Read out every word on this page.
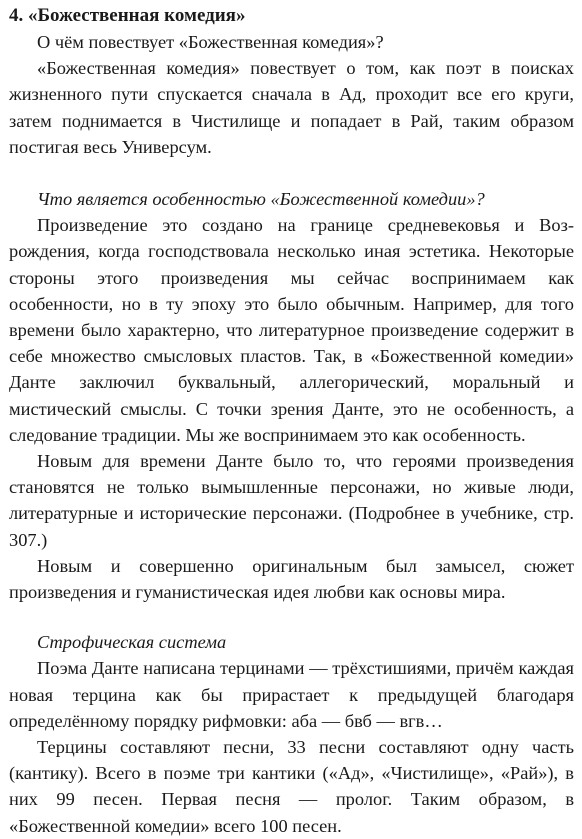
4. «Божественная комедия»

О чём повествует «Божественная комедия»?

«Божественная комедия» повествует о том, как поэт в поисках жизненного пути спускается сначала в Ад, проходит все его круги, затем поднимается в Чистилище и попадает в Рай, таким образом постигая весь Универсум.

Что является особенностью «Божественной комедии»?

Произведение это создано на границе средневековья и Возрождения, когда господствовала несколько иная эстетика. Некоторые стороны этого произведения мы сейчас воспринимаем как особенности, но в ту эпоху это было обычным. Например, для того времени было характерно, что литературное произведение содержит в себе множество смысловых пластов. Так, в «Божественной комедии» Данте заключил буквальный, аллегорический, моральный и мистический смыслы. С точки зрения Данте, это не особенность, а следование традиции. Мы же воспринимаем это как особенность.

Новым для времени Данте было то, что героями произведения становятся не только вымышленные персонажи, но живые люди, литературные и исторические персонажи. (Подробнее в учебнике, стр. 307.)

Новым и совершенно оригинальным был замысел, сюжет произведения и гуманистическая идея любви как основы мира.

Строфическая система

Поэма Данте написана терцинами — трёхстишиями, причём каждая новая терцина как бы прирастает к предыдущей благодаря определённому порядку рифмовки: аба — бвб — вгв…

Терцины составляют песни, 33 песни составляют одну часть (кантику). Всего в поэме три кантики («Ад», «Чистилище», «Рай»), в них 99 песен. Первая песня — пролог. Таким образом, в «Божественной комедии» всего 100 песен.
